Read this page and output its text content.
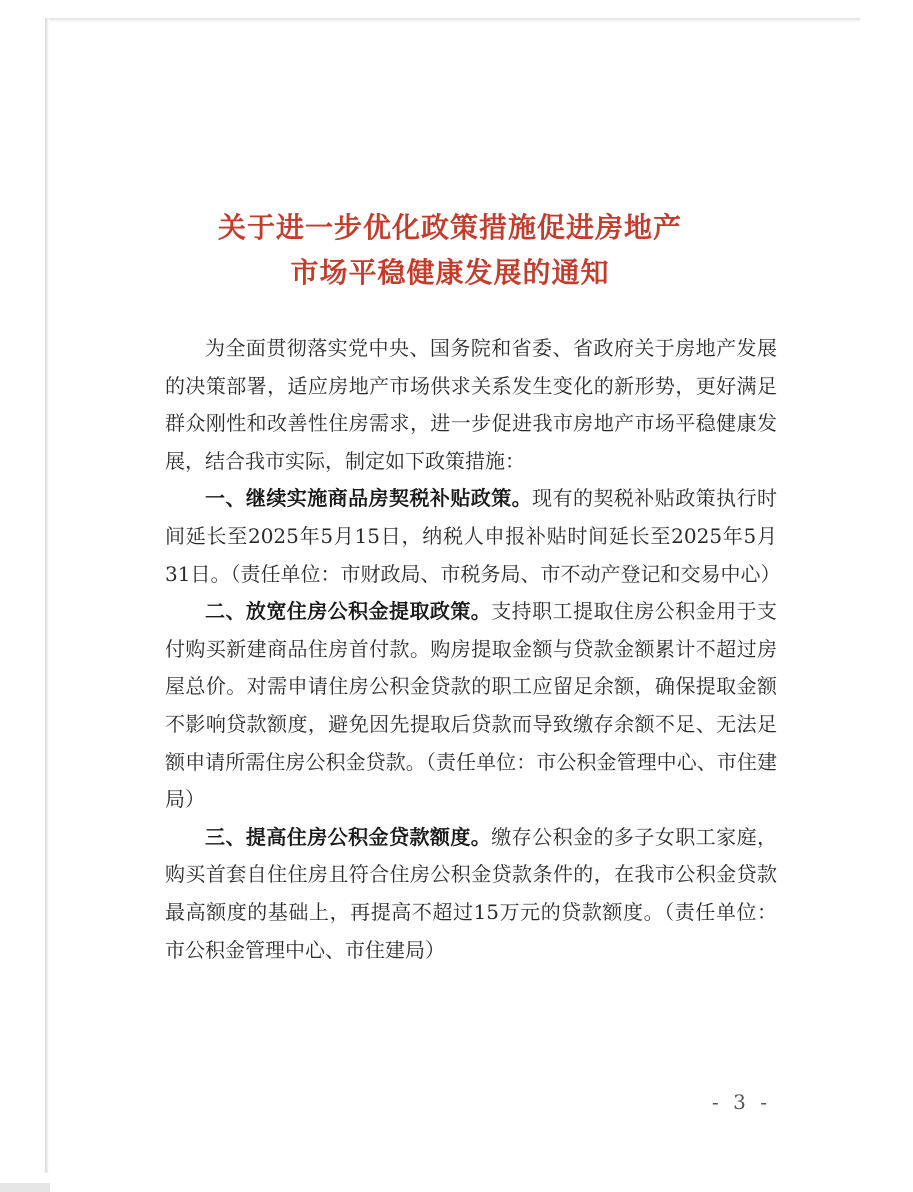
关于进一步优化政策措施促进房地产
市场平稳健康发展的通知

为全面贯彻落实党中央、国务院和省委、省政府关于房地产发展的决策部署，适应房地产市场供求关系发生变化的新形势，更好满足群众刚性和改善性住房需求，进一步促进我市房地产市场平稳健康发展，结合我市实际，制定如下政策措施：

一、继续实施商品房契税补贴政策。现有的契税补贴政策执行时间延长至2025年5月15日，纳税人申报补贴时间延长至2025年5月31日。（责任单位：市财政局、市税务局、市不动产登记和交易中心）

二、放宽住房公积金提取政策。支持职工提取住房公积金用于支付购买新建商品住房首付款。购房提取金额与贷款金额累计不超过房屋总价。对需申请住房公积金贷款的职工应留足余额，确保提取金额不影响贷款额度，避免因先提取后贷款而导致缴存余额不足、无法足额申请所需住房公积金贷款。（责任单位：市公积金管理中心、市住建局）

三、提高住房公积金贷款额度。缴存公积金的多子女职工家庭，购买首套自住住房且符合住房公积金贷款条件的，在我市公积金贷款最高额度的基础上，再提高不超过15万元的贷款额度。（责任单位：市公积金管理中心、市住建局）

- 3 -
